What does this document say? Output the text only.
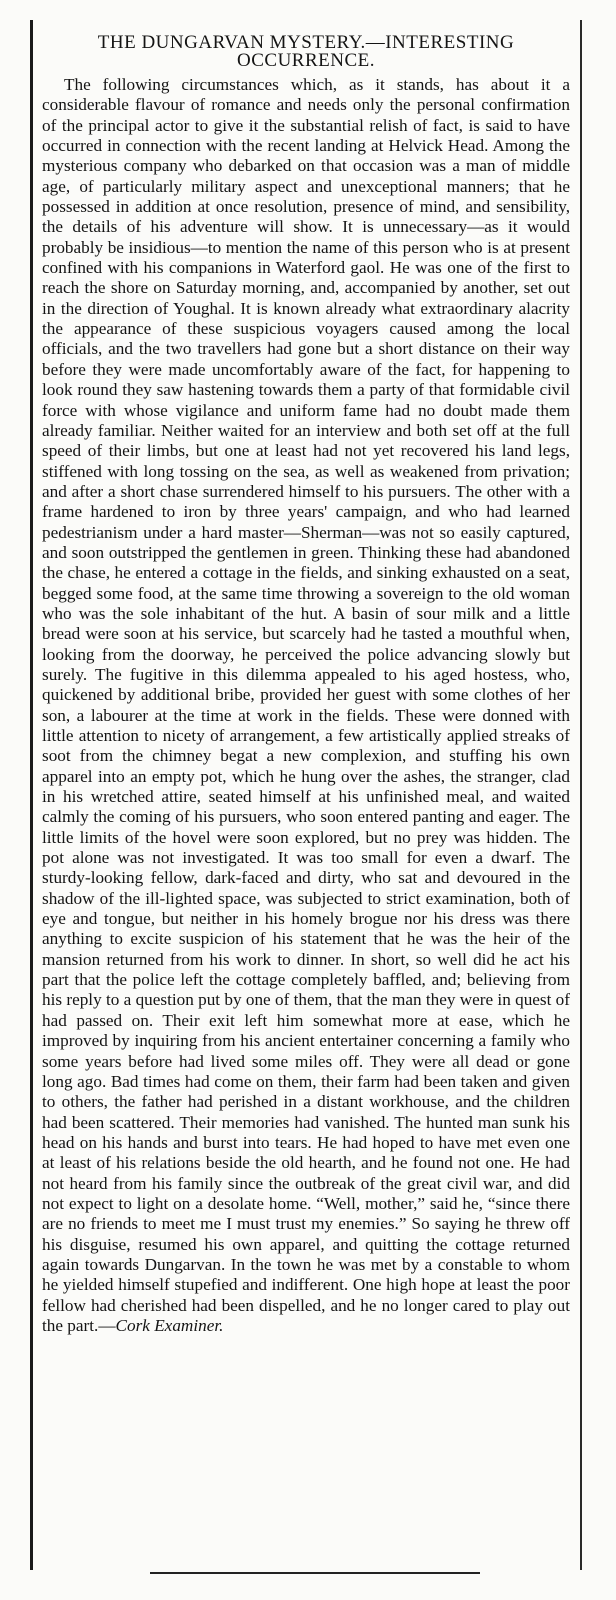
THE DUNGARVAN MYSTERY.—INTERESTING
OCCURRENCE.

The following circumstances which, as it stands, has about it a considerable flavour of romance and needs only the personal confirmation of the principal actor to give it the substantial relish of fact, is said to have occurred in connection with the recent landing at Helvick Head. Among the mysterious company who debarked on that occasion was a man of middle age, of particularly military aspect and unexceptional manners; that he possessed in addition at once resolution, presence of mind, and sensibility, the details of his adventure will show. It is unnecessary—as it would probably be insidious—to mention the name of this person who is at present confined with his companions in Waterford gaol. He was one of the first to reach the shore on Saturday morning, and, accompanied by another, set out in the direction of Youghal. It is known already what extraordinary alacrity the appearance of these suspicious voyagers caused among the local officials, and the two travellers had gone but a short distance on their way before they were made uncomfortably aware of the fact, for happening to look round they saw hastening towards them a party of that formidable civil force with whose vigilance and uniform fame had no doubt made them already familiar. Neither waited for an interview and both set off at the full speed of their limbs, but one at least had not yet recovered his land legs, stiffened with long tossing on the sea, as well as weakened from privation; and after a short chase surrendered himself to his pursuers. The other with a frame hardened to iron by three years' campaign, and who had learned pedestrianism under a hard master—Sherman—was not so easily captured, and soon outstripped the gentlemen in green. Thinking these had abandoned the chase, he entered a cottage in the fields, and sinking exhausted on a seat, begged some food, at the same time throwing a sovereign to the old woman who was the sole inhabitant of the hut. A basin of sour milk and a little bread were soon at his service, but scarcely had he tasted a mouthful when, looking from the doorway, he perceived the police advancing slowly but surely. The fugitive in this dilemma appealed to his aged hostess, who, quickened by additional bribe, provided her guest with some clothes of her son, a labourer at the time at work in the fields. These were donned with little attention to nicety of arrangement, a few artistically applied streaks of soot from the chimney begat a new complexion, and stuffing his own apparel into an empty pot, which he hung over the ashes, the stranger, clad in his wretched attire, seated himself at his unfinished meal, and waited calmly the coming of his pursuers, who soon entered panting and eager. The little limits of the hovel were soon explored, but no prey was hidden. The pot alone was not investigated. It was too small for even a dwarf. The sturdy-looking fellow, dark-faced and dirty, who sat and devoured in the shadow of the ill-lighted space, was subjected to strict examination, both of eye and tongue, but neither in his homely brogue nor his dress was there anything to excite suspicion of his statement that he was the heir of the mansion returned from his work to dinner. In short, so well did he act his part that the police left the cottage completely baffled, and; believing from his reply to a question put by one of them, that the man they were in quest of had passed on. Their exit left him somewhat more at ease, which he improved by inquiring from his ancient entertainer concerning a family who some years before had lived some miles off. They were all dead or gone long ago. Bad times had come on them, their farm had been taken and given to others, the father had perished in a distant workhouse, and the children had been scattered. Their memories had vanished. The hunted man sunk his head on his hands and burst into tears. He had hoped to have met even one at least of his relations beside the old hearth, and he found not one. He had not heard from his family since the outbreak of the great civil war, and did not expect to light on a desolate home. “Well, mother,” said he, “since there are no friends to meet me I must trust my enemies.” So saying he threw off his disguise, resumed his own apparel, and quitting the cottage returned again towards Dungarvan. In the town he was met by a constable to whom he yielded himself stupefied and indifferent. One high hope at least the poor fellow had cherished had been dispelled, and he no longer cared to play out the part.—Cork Examiner.
